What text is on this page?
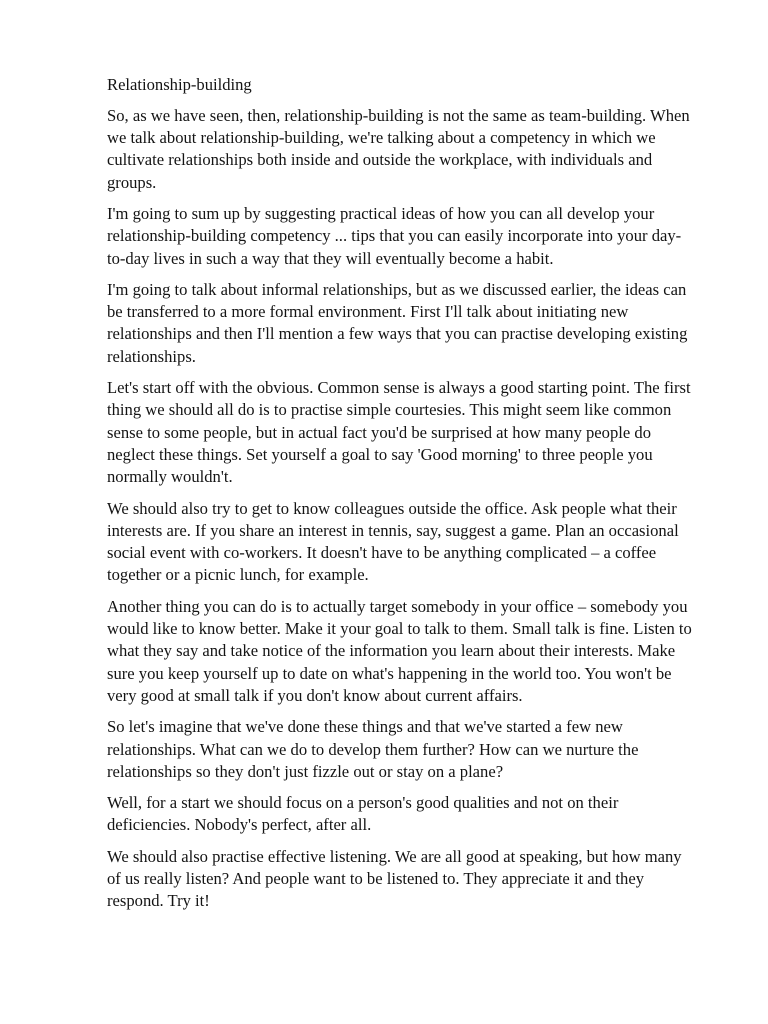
Relationship-building

So, as we have seen, then, relationship-building is not the same as team-building. When we talk about relationship-building, we're talking about a competency in which we cultivate relationships both inside and outside the workplace, with individuals and groups.

I'm going to sum up by suggesting practical ideas of how you can all develop your relationship-building competency ... tips that you can easily incorporate into your day-to-day lives in such a way that they will eventually become a habit.

I'm going to talk about informal relationships, but as we discussed earlier, the ideas can be transferred to a more formal environment. First I'll talk about initiating new relationships and then I'll mention a few ways that you can practise developing existing relationships.

Let's start off with the obvious. Common sense is always a good starting point. The first thing we should all do is to practise simple courtesies. This might seem like common sense to some people, but in actual fact you'd be surprised at how many people do neglect these things. Set yourself a goal to say 'Good morning' to three people you normally wouldn't.

We should also try to get to know colleagues outside the office. Ask people what their interests are. If you share an interest in tennis, say, suggest a game. Plan an occasional social event with co-workers. It doesn't have to be anything complicated – a coffee together or a picnic lunch, for example.

Another thing you can do is to actually target somebody in your office – somebody you would like to know better. Make it your goal to talk to them. Small talk is fine. Listen to what they say and take notice of the information you learn about their interests. Make sure you keep yourself up to date on what's happening in the world too. You won't be very good at small talk if you don't know about current affairs.

So let's imagine that we've done these things and that we've started a few new relationships. What can we do to develop them further? How can we nurture the relationships so they don't just fizzle out or stay on a plane?

Well, for a start we should focus on a person's good qualities and not on their deficiencies. Nobody's perfect, after all.

We should also practise effective listening. We are all good at speaking, but how many of us really listen? And people want to be listened to. They appreciate it and they respond. Try it!
